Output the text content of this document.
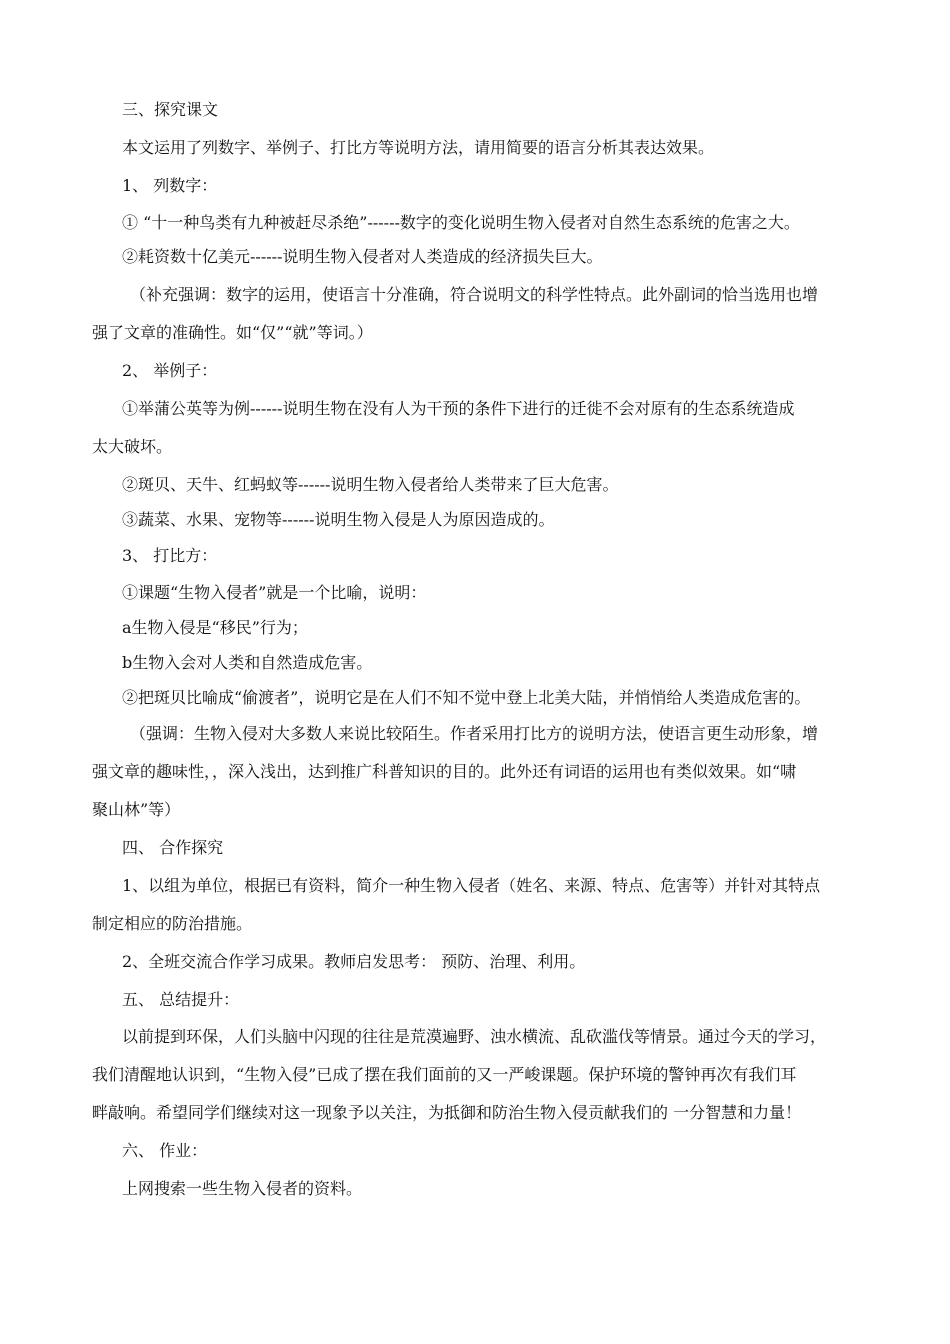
三、探究课文
本文运用了列数字、举例子、打比方等说明方法，请用简要的语言分析其表达效果。
1、 列数字：
① “十一种鸟类有九种被赶尽杀绝”------数字的变化说明生物入侵者对自然生态系统的危害之大。
②耗资数十亿美元------说明生物入侵者对人类造成的经济损失巨大。
（补充强调：数字的运用，使语言十分准确，符合说明文的科学性特点。此外副词的恰当选用也增
强了文章的准确性。如“仅”“就”等词。）
2、 举例子：
①举蒲公英等为例------说明生物在没有人为干预的条件下进行的迁徙不会对原有的生态系统造成
太大破坏。
②斑贝、天牛、红蚂蚁等------说明生物入侵者给人类带来了巨大危害。
③蔬菜、水果、宠物等------说明生物入侵是人为原因造成的。
3、 打比方：
①课题“生物入侵者”就是一个比喻，说明：
a生物入侵是“移民”行为；
b生物入会对人类和自然造成危害。
②把斑贝比喻成“偷渡者”，说明它是在人们不知不觉中登上北美大陆，并悄悄给人类造成危害的。
（强调：生物入侵对大多数人来说比较陌生。作者采用打比方的说明方法，使语言更生动形象，增
强文章的趣味性，，深入浅出，达到推广科普知识的目的。此外还有词语的运用也有类似效果。如“啸
聚山林”等）
四、 合作探究
1、以组为单位，根据已有资料，简介一种生物入侵者（姓名、来源、特点、危害等）并针对其特点
制定相应的防治措施。
2、全班交流合作学习成果。教师启发思考： 预防、治理、利用。
五、 总结提升：
以前提到环保，人们头脑中闪现的往往是荒漠遍野、浊水横流、乱砍滥伐等情景。通过今天的学习，
我们清醒地认识到，“生物入侵”已成了摆在我们面前的又一严峻课题。保护环境的警钟再次有我们耳
畔敲响。希望同学们继续对这一现象予以关注，为抵御和防治生物入侵贡献我们的 一分智慧和力量！
六、 作业：
上网搜索一些生物入侵者的资料。
